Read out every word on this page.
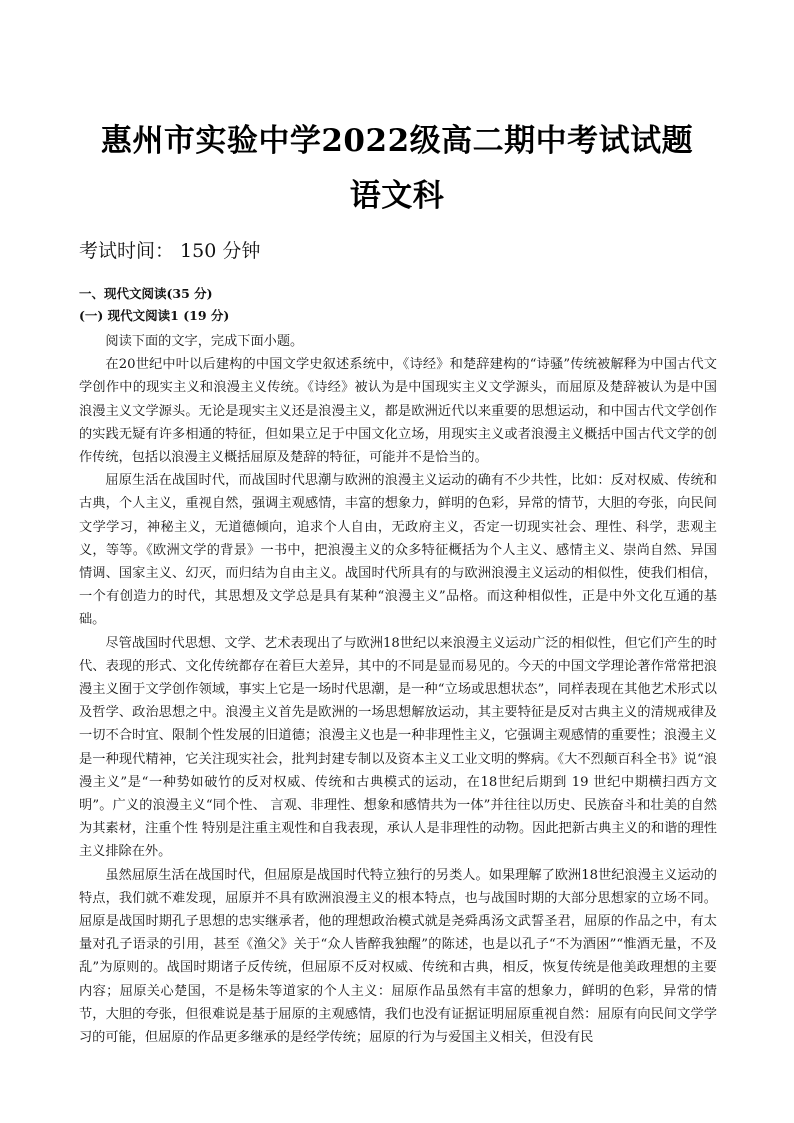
惠州市实验中学2022级高二期中考试试题
语文科

考试时间： 150 分钟

一、现代文阅读(35 分)

(一) 现代文阅读1 (19 分)

阅读下面的文字，完成下面小题。

在20世纪中叶以后建构的中国文学史叙述系统中，《诗经》和楚辞建构的“诗骚”传统被解释为中国古代文学创作中的现实主义和浪漫主义传统。《诗经》被认为是中国现实主义文学源头，而屈原及楚辞被认为是中国浪漫主义文学源头。无论是现实主义还是浪漫主义，都是欧洲近代以来重要的思想运动，和中国古代文学创作的实践无疑有许多相通的特征，但如果立足于中国文化立场，用现实主义或者浪漫主义概括中国古代文学的创作传统，包括以浪漫主义概括屈原及楚辞的特征，可能并不是恰当的。

屈原生活在战国时代，而战国时代思潮与欧洲的浪漫主义运动的确有不少共性，比如：反对权威、传统和古典，个人主义，重视自然，强调主观感情，丰富的想象力，鲜明的色彩，异常的情节，大胆的夸张，向民间文学学习，神秘主义，无道德倾向，追求个人自由，无政府主义，否定一切现实社会、理性、科学，悲观主义，等等。《欧洲文学的背景》一书中，把浪漫主义的众多特征概括为个人主义、感情主义、崇尚自然、异国情调、国家主义、幻灭，而归结为自由主义。战国时代所具有的与欧洲浪漫主义运动的相似性，使我们相信，一个有创造力的时代，其思想及文学总是具有某种“浪漫主义”品格。而这种相似性，正是中外文化互通的基础。

尽管战国时代思想、文学、艺术表现出了与欧洲18世纪以来浪漫主义运动广泛的相似性，但它们产生的时代、表现的形式、文化传统都存在着巨大差异，其中的不同是显而易见的。今天的中国文学理论著作常常把浪漫主义囿于文学创作领域，事实上它是一场时代思潮，是一种“立场或思想状态”，同样表现在其他艺术形式以及哲学、政治思想之中。浪漫主义首先是欧洲的一场思想解放运动，其主要特征是反对古典主义的清规戒律及一切不合时宜、限制个性发展的旧道德；浪漫主义也是一种非理性主义，它强调主观感情的重要性；浪漫主义是一种现代精神，它关注现实社会，批判封建专制以及资本主义工业文明的弊病。《大不烈颠百科全书》说“浪漫主义”是“一种势如破竹的反对权威、传统和古典模式的运动，在18世纪后期到 19 世纪中期横扫西方文明”。广义的浪漫主义“同个性、 言观、非理性、想象和感情共为一体”并往往以历史、民族奋斗和壮美的自然为其素材，注重个性 特别是注重主观性和自我表现，承认人是非理性的动物。因此把新古典主义的和谐的理性主义排除在外。

虽然屈原生活在战国时代，但屈原是战国时代特立独行的另类人。如果理解了欧洲18世纪浪漫主义运动的特点，我们就不难发现，屈原并不具有欧洲浪漫主义的根本特点，也与战国时期的大部分思想家的立场不同。屈原是战国时期孔子思想的忠实继承者，他的理想政治模式就是尧舜禹汤文武誓圣君，屈原的作品之中，有太量对孔子语录的引用，甚至《渔父》关于“众人皆醉我独醒”的陈述，也是以孔子“不为酒困”“惟酒无量，不及乱”为原则的。战国时期诸子反传统，但屈原不反对权威、传统和古典，相反，恢复传统是他美政理想的主要内容；屈原关心楚国，不是杨朱等道家的个人主义：屈原作品虽然有丰富的想象力，鲜明的色彩，异常的情节，大胆的夸张，但很难说是基于屈原的主观感情，我们也没有证据证明屈原重视自然：屈原有向民间文学学习的可能，但屈原的作品更多继承的是经学传统；屈原的行为与爱国主义相关，但没有民
